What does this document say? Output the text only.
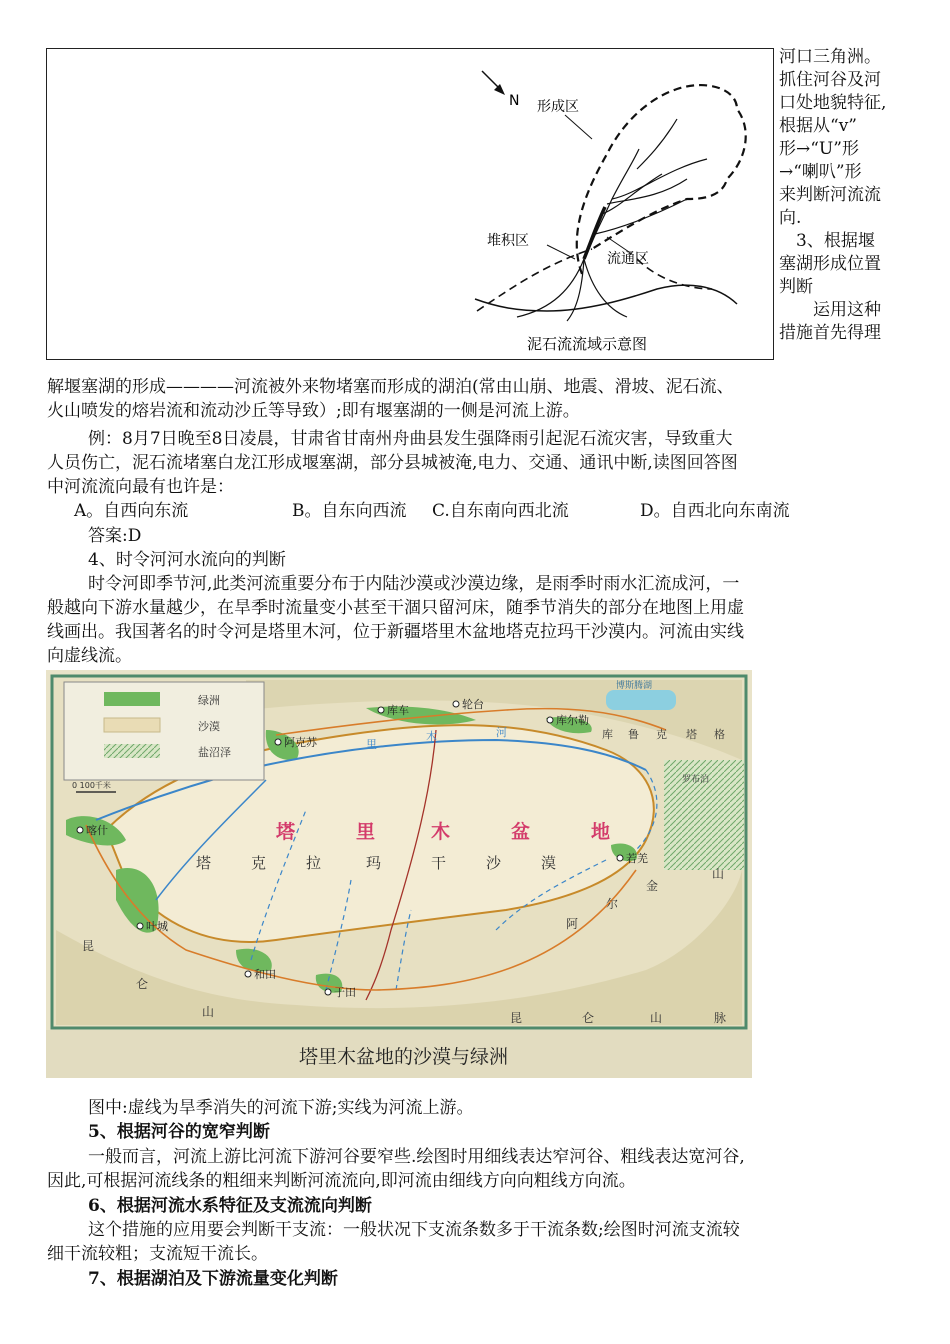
N 形成区
堆积区
流通区
泥石流流域示意图
河口三角洲。
抓住河谷及河
口处地貌特征,
根据从“v”
形→“U”形
→“喇叭”形
来判断河流流
向.
　3、根据堰
塞湖形成位置
判断
　　运用这种
措施首先得理
解堰塞湖的形成————河流被外来物堵塞而形成的湖泊(常由山崩、地震、滑坡、泥石流、
火山喷发的熔岩流和流动沙丘等导致）;即有堰塞湖的一侧是河流上游。
例：8月7日晚至8日凌晨，甘肃省甘南州舟曲县发生强降雨引起泥石流灾害，导致重大
人员伤亡，泥石流堵塞白龙江形成堰塞湖，部分县城被淹,电力、交通、通讯中断,读图回答图
中河流流向最有也许是：
A。自西向东流	B。自东向西流 C.自东南向西北流	D。自西北向东南流
答案:D
4、时令河河水流向的判断
时令河即季节河,此类河流重要分布于内陆沙漠或沙漠边缘，是雨季时雨水汇流成河，一
般越向下游水量越少，在旱季时流量变小甚至干涸只留河床，随季节消失的部分在地图上用虚
线画出。我国著名的时令河是塔里木河，位于新疆塔里木盆地塔克拉玛干沙漠内。河流由实线
向虚线流。
绿洲
沙漠
盐沼泽
0 100千米
塔	里	木	盆	地
塔	克	拉	玛	干	沙	漠
里
木	河
喀什
叶城
和田
于田
阿克苏
库车	轮台
库尔勒
若羌
罗布泊
博斯腾湖
库 鲁 克 塔 格
阿
尔
金
山
昆
仑
山	昆	仑	山	脉
塔里木盆地的沙漠与绿洲
图中:虚线为旱季消失的河流下游;实线为河流上游。
5、根据河谷的宽窄判断
一般而言，河流上游比河流下游河谷要窄些.绘图时用细线表达窄河谷、粗线表达宽河谷,
因此,可根据河流线条的粗细来判断河流流向,即河流由细线方向向粗线方向流。
6、根据河流水系特征及支流流向判断
这个措施的应用要会判断干支流：一般状况下支流条数多于干流条数;绘图时河流支流较
细干流较粗；支流短干流长。
7、根据湖泊及下游流量变化判断
